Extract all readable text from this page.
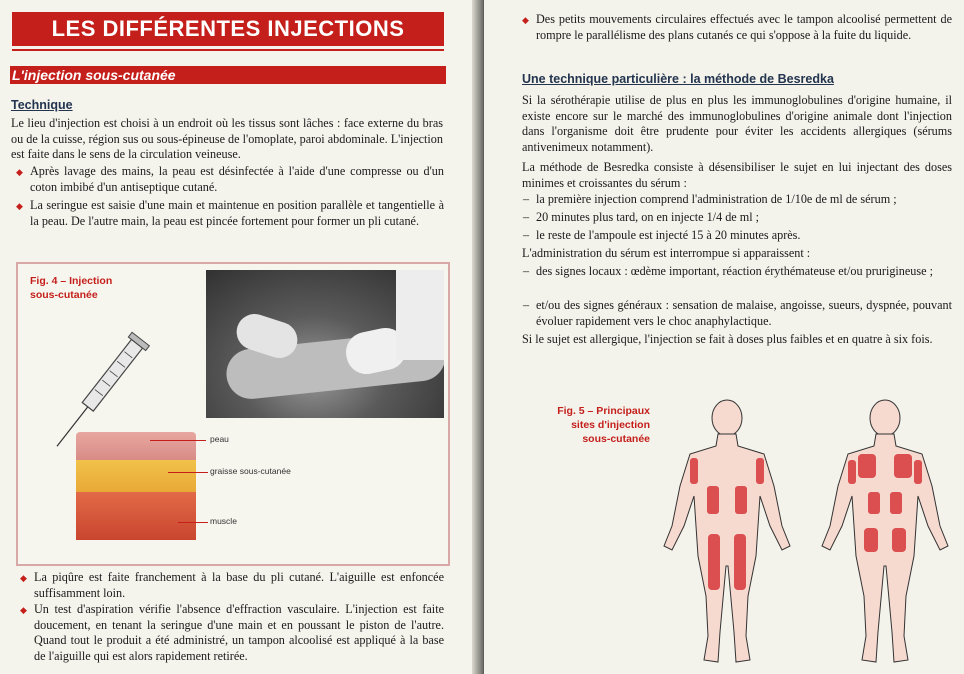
LES DIFFÉRENTES INJECTIONS
L'injection sous-cutanée
Technique
Le lieu d'injection est choisi à un endroit où les tissus sont lâches : face externe du bras ou de la cuisse, région sus ou sous-épineuse de l'omoplate, paroi abdominale. L'injection est faite dans le sens de la circulation veineuse.
◆ Après lavage des mains, la peau est désinfectée à l'aide d'une compresse ou d'un coton imbibé d'un antiseptique cutané.
◆ La seringue est saisie d'une main et maintenue en position parallèle et tangentielle à la peau. De l'autre main, la peau est pincée fortement pour former un pli cutané.
Fig. 4 – Injection
sous-cutanée
peau
graisse sous-cutanée
muscle
◆ La piqûre est faite franchement à la base du pli cutané. L'aiguille est enfoncée suffisamment loin.
◆ Un test d'aspiration vérifie l'absence d'effraction vasculaire. L'injection est faite doucement, en tenant la seringue d'une main et en poussant le piston de l'autre. Quand tout le produit a été administré, un tampon alcoolisé est appliqué à la base de l'aiguille qui est alors rapidement retirée.
◆ Des petits mouvements circulaires effectués avec le tampon alcoolisé permettent de rompre le parallélisme des plans cutanés ce qui s'oppose à la fuite du liquide.
Une technique particulière : la méthode de Besredka
Si la sérothérapie utilise de plus en plus les immunoglobulines d'origine humaine, il existe encore sur le marché des immunoglobulines d'origine animale dont l'injection dans l'organisme doit être prudente pour éviter les accidents allergiques (sérums antivenimeux notamment).
La méthode de Besredka consiste à désensibiliser le sujet en lui injectant des doses minimes et croissantes du sérum :
– la première injection comprend l'administration de 1/10e de ml de sérum ;
– 20 minutes plus tard, on en injecte 1/4 de ml ;
– le reste de l'ampoule est injecté 15 à 20 minutes après.
L'administration du sérum est interrompue si apparaissent :
– des signes locaux : œdème important, réaction érythémateuse et/ou prurigineuse ;
– et/ou des signes généraux : sensation de malaise, angoisse, sueurs, dyspnée, pouvant évoluer rapidement vers le choc anaphylactique.
Si le sujet est allergique, l'injection se fait à doses plus faibles et en quatre à six fois.
Fig. 5 – Principaux
sites d'injection
sous-cutanée
